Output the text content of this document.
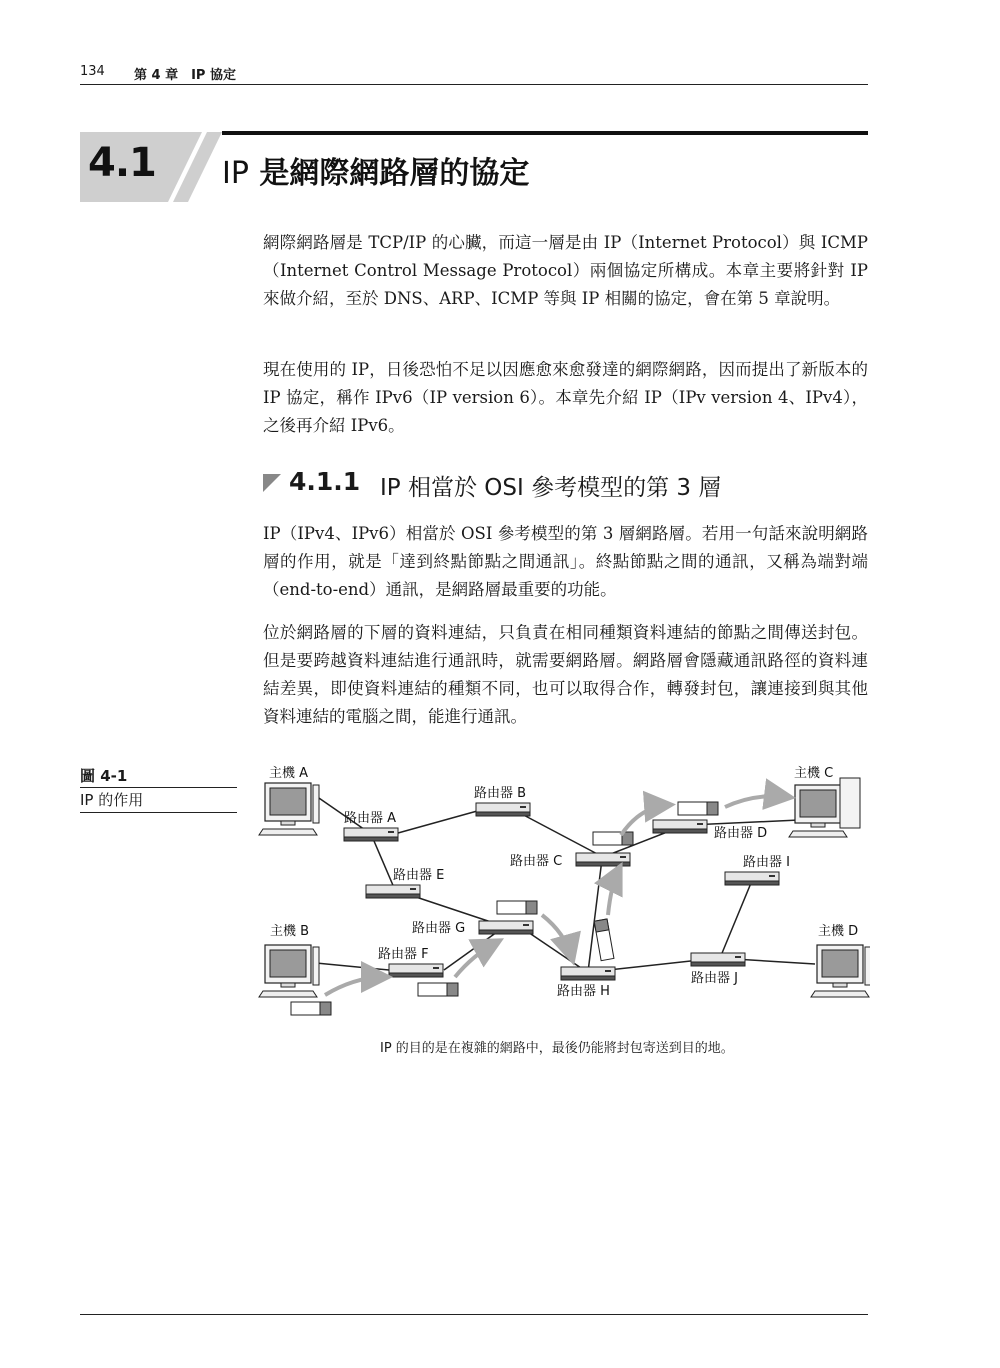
134 第 4 章　IP 協定
4.1 IP 是網際網路層的協定

網際網路層是 TCP/IP 的心臟，而這一層是由 IP（Internet Protocol）與 ICMP（Internet Control Message Protocol）兩個協定所構成。本章主要將針對 IP 來做介紹，至於 DNS、ARP、ICMP 等與 IP 相關的協定，會在第 5 章說明。

現在使用的 IP，日後恐怕不足以因應愈來愈發達的網際網路，因而提出了新版本的 IP 協定，稱作 IPv6（IP version 6）。本章先介紹 IP（IPv version 4、IPv4），之後再介紹 IPv6。

4.1.1 IP 相當於 OSI 參考模型的第 3 層

IP（IPv4、IPv6）相當於 OSI 參考模型的第 3 層網路層。若用一句話來說明網路層的作用，就是「達到終點節點之間通訊」。終點節點之間的通訊，又稱為端對端（end-to-end）通訊，是網路層最重要的功能。

位於網路層的下層的資料連結，只負責在相同種類資料連結的節點之間傳送封包。但是要跨越資料連結進行通訊時，就需要網路層。網路層會隱藏通訊路徑的資料連結差異，即使資料連結的種類不同，也可以取得合作，轉發封包，讓連接到與其他資料連結的電腦之間，能進行通訊。

圖 4-1
IP 的作用
主機 A
主機 B
主機 C
主機 D
路由器 A
路由器 B
路由器 C
路由器 D
路由器 E
路由器 F
路由器 G
路由器 H
路由器 I
路由器 J
IP 的目的是在複雜的網路中，最後仍能將封包寄送到目的地。
